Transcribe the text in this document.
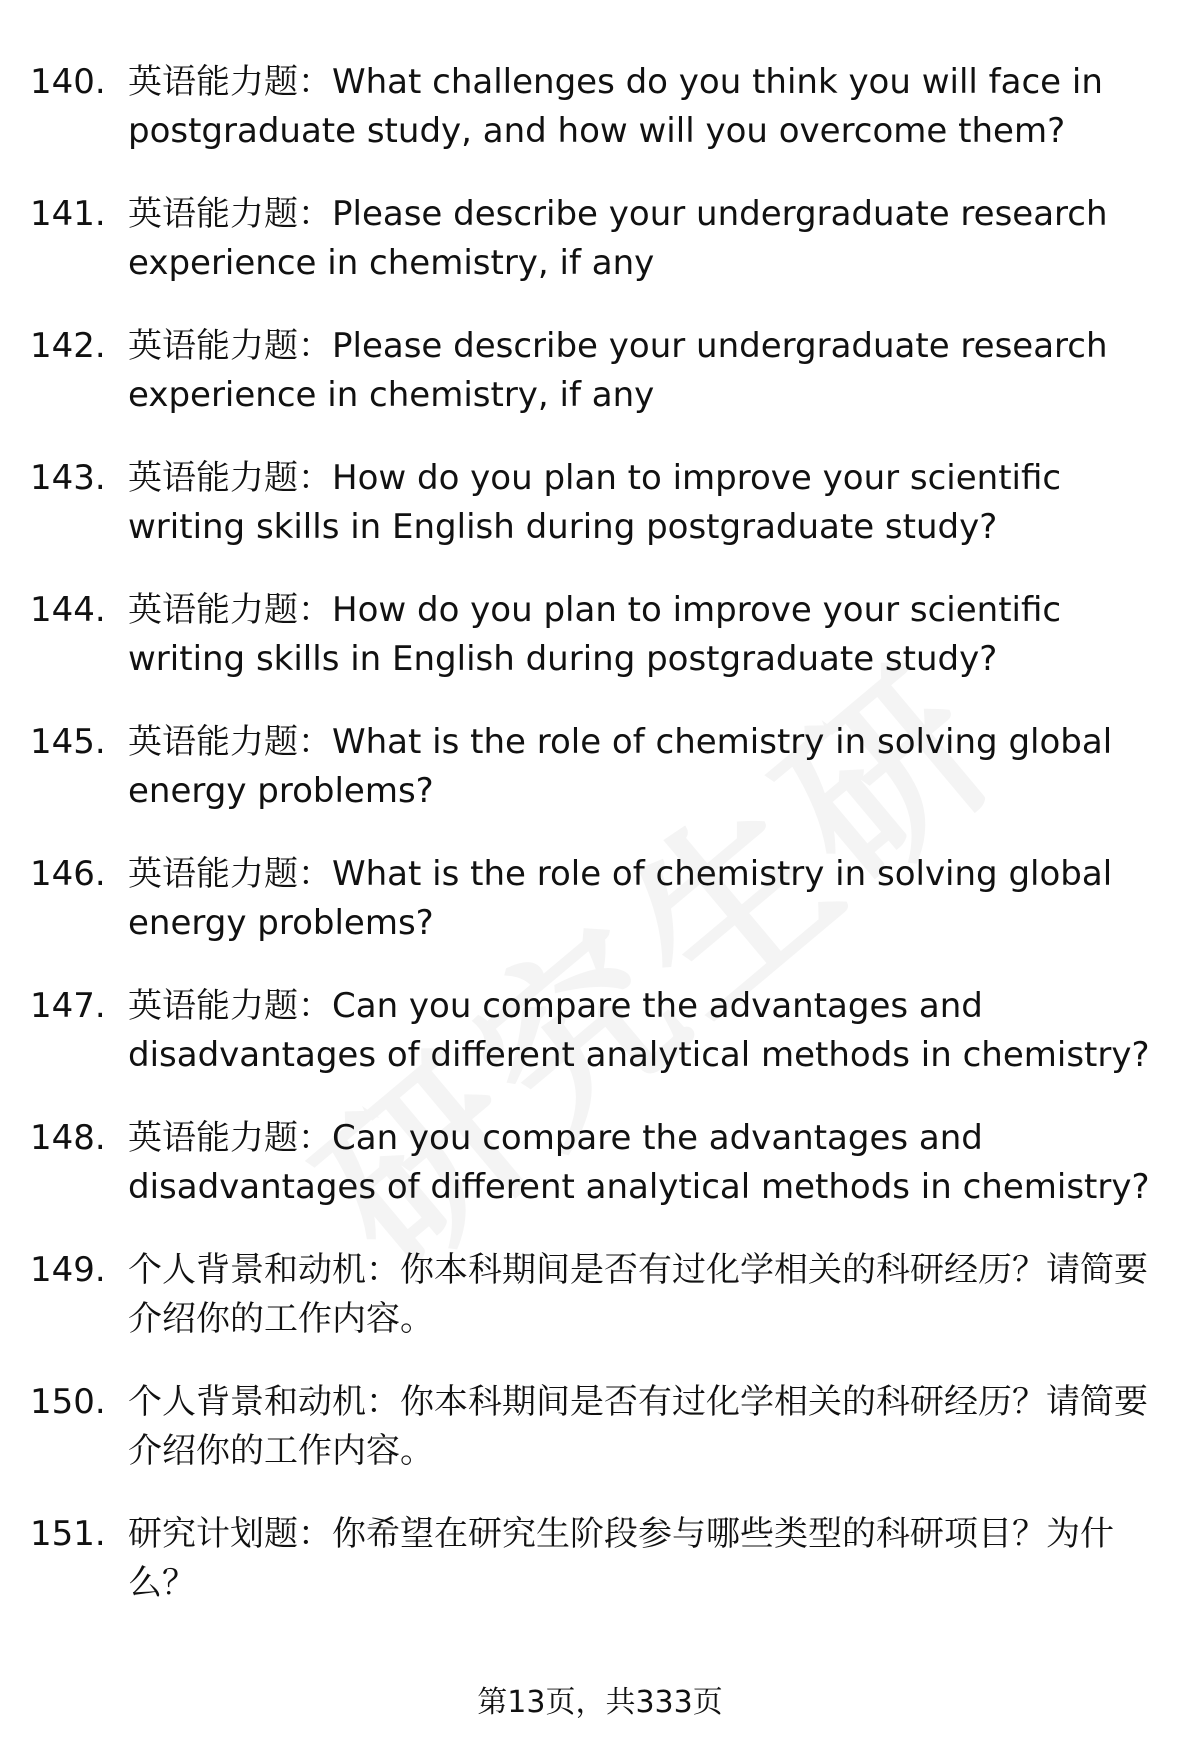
140. 英语能力题：What challenges do you think you will face in postgraduate study, and how will you overcome them?
141. 英语能力题：Please describe your undergraduate research experience in chemistry, if any
142. 英语能力题：Please describe your undergraduate research experience in chemistry, if any
143. 英语能力题：How do you plan to improve your scientific writing skills in English during postgraduate study?
144. 英语能力题：How do you plan to improve your scientific writing skills in English during postgraduate study?
145. 英语能力题：What is the role of chemistry in solving global energy problems?
146. 英语能力题：What is the role of chemistry in solving global energy problems?
147. 英语能力题：Can you compare the advantages and disadvantages of different analytical methods in chemistry?
148. 英语能力题：Can you compare the advantages and disadvantages of different analytical methods in chemistry?
149. 个人背景和动机：你本科期间是否有过化学相关的科研经历？请简要介绍你的工作内容。
150. 个人背景和动机：你本科期间是否有过化学相关的科研经历？请简要介绍你的工作内容。
151. 研究计划题：你希望在研究生阶段参与哪些类型的科研项目？为什么？
第13页，共333页
